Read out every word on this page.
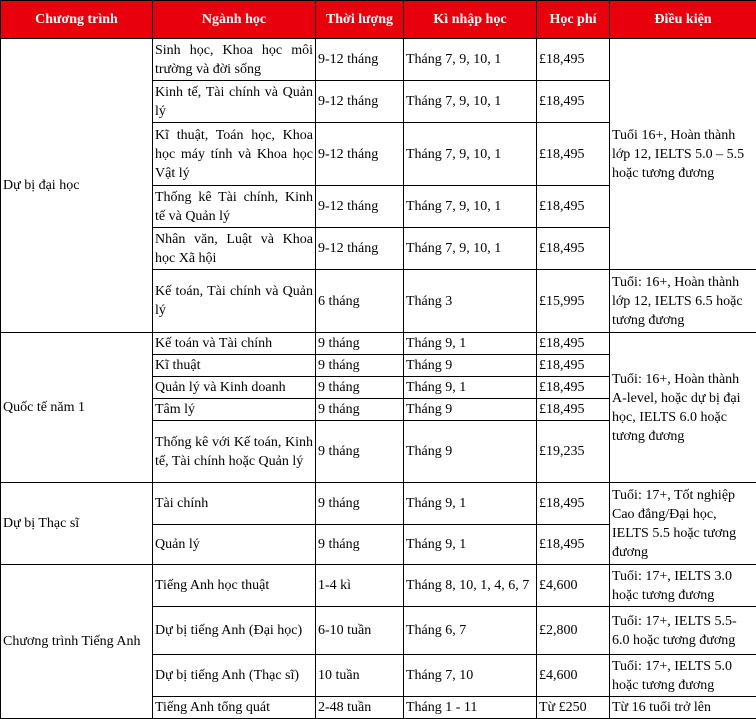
Chương trình	Ngành học	Thời lượng	Kì nhập học	Học phí	Điều kiện
Dự bị đại học	Sinh học, Khoa học môi trường và đời sống	9-12 tháng	Tháng 7, 9, 10, 1	£18,495	Tuổi 16+, Hoàn thành lớp 12, IELTS 5.0 – 5.5 hoặc tương đương
	Kinh tế, Tài chính và Quản lý	9-12 tháng	Tháng 7, 9, 10, 1	£18,495	
	Kĩ thuật, Toán học, Khoa học máy tính và Khoa học Vật lý	9-12 tháng	Tháng 7, 9, 10, 1	£18,495	
	Thống kê Tài chính, Kinh tế và Quản lý	9-12 tháng	Tháng 7, 9, 10, 1	£18,495	
	Nhân văn, Luật và Khoa học Xã hội	9-12 tháng	Tháng 7, 9, 10, 1	£18,495	
	Kế toán, Tài chính và Quản lý	6 tháng	Tháng 3	£15,995	Tuổi: 16+, Hoàn thành lớp 12, IELTS 6.5 hoặc tương đương
Quốc tế năm 1	Kế toán và Tài chính	9 tháng	Tháng 9, 1	£18,495	Tuổi: 16+, Hoàn thành A-level, hoặc dự bị đại học, IELTS 6.0 hoặc tương đương
	Kĩ thuật	9 tháng	Tháng 9	£18,495	
	Quản lý và Kinh doanh	9 tháng	Tháng 9, 1	£18,495	
	Tâm lý	9 tháng	Tháng 9	£18,495	
	Thống kê với Kế toán, Kinh tế, Tài chính hoặc Quản lý	9 tháng	Tháng 9	£19,235	
Dự bị Thạc sĩ	Tài chính	9 tháng	Tháng 9, 1	£18,495	Tuổi: 17+, Tốt nghiệp Cao đẳng/Đại học, IELTS 5.5 hoặc tương đương
	Quản lý	9 tháng	Tháng 9, 1	£18,495	
Chương trình Tiếng Anh	Tiếng Anh học thuật	1-4 kì	Tháng 8, 10, 1, 4, 6, 7	£4,600	Tuổi: 17+, IELTS 3.0 hoặc tương đương
	Dự bị tiếng Anh (Đại học)	6-10 tuần	Tháng 6, 7	£2,800	Tuổi: 17+, IELTS 5.5-6.0 hoặc tương đương
	Dự bị tiếng Anh (Thạc sĩ)	10 tuần	Tháng 7, 10	£4,600	Tuổi: 17+, IELTS 5.0 hoặc tương đương
	Tiếng Anh tổng quát	2-48 tuần	Tháng 1 - 11	Từ £250	Từ 16 tuổi trở lên
